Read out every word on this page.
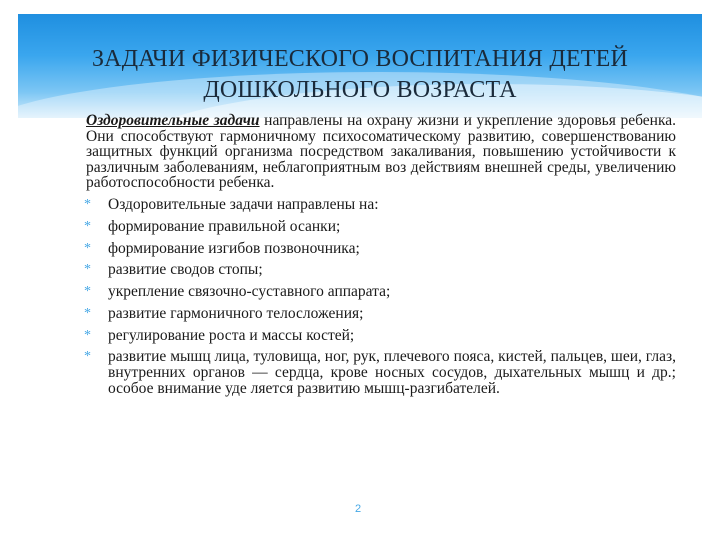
ЗАДАЧИ ФИЗИЧЕСКОГО ВОСПИТАНИЯ ДЕТЕЙ
ДОШКОЛЬНОГО ВОЗРАСТА

Оздоровительные задачи направлены на охрану жизни и укрепление здоровья ребенка. Они способствуют гармоничному психосоматическому развитию, совершенствованию защитных функций организма посредством закаливания, повышению устойчивости к различным заболеваниям, неблагоприятным воз действиям внешней среды, увеличению работоспособности ребенка.

* Оздоровительные задачи направлены на:
* формирование правильной осанки;
* формирование изгибов позвоночника;
* развитие сводов стопы;
* укрепление связочно-суставного аппарата;
* развитие гармоничного телосложения;
* регулирование роста и массы костей;
* развитие мышц лица, туловища, ног, рук, плечевого пояса, кистей, пальцев, шеи, глаз, внутренних органов — сердца, крове носных сосудов, дыхательных мышц и др.; особое внимание уде ляется развитию мышц-разгибателей.
2
